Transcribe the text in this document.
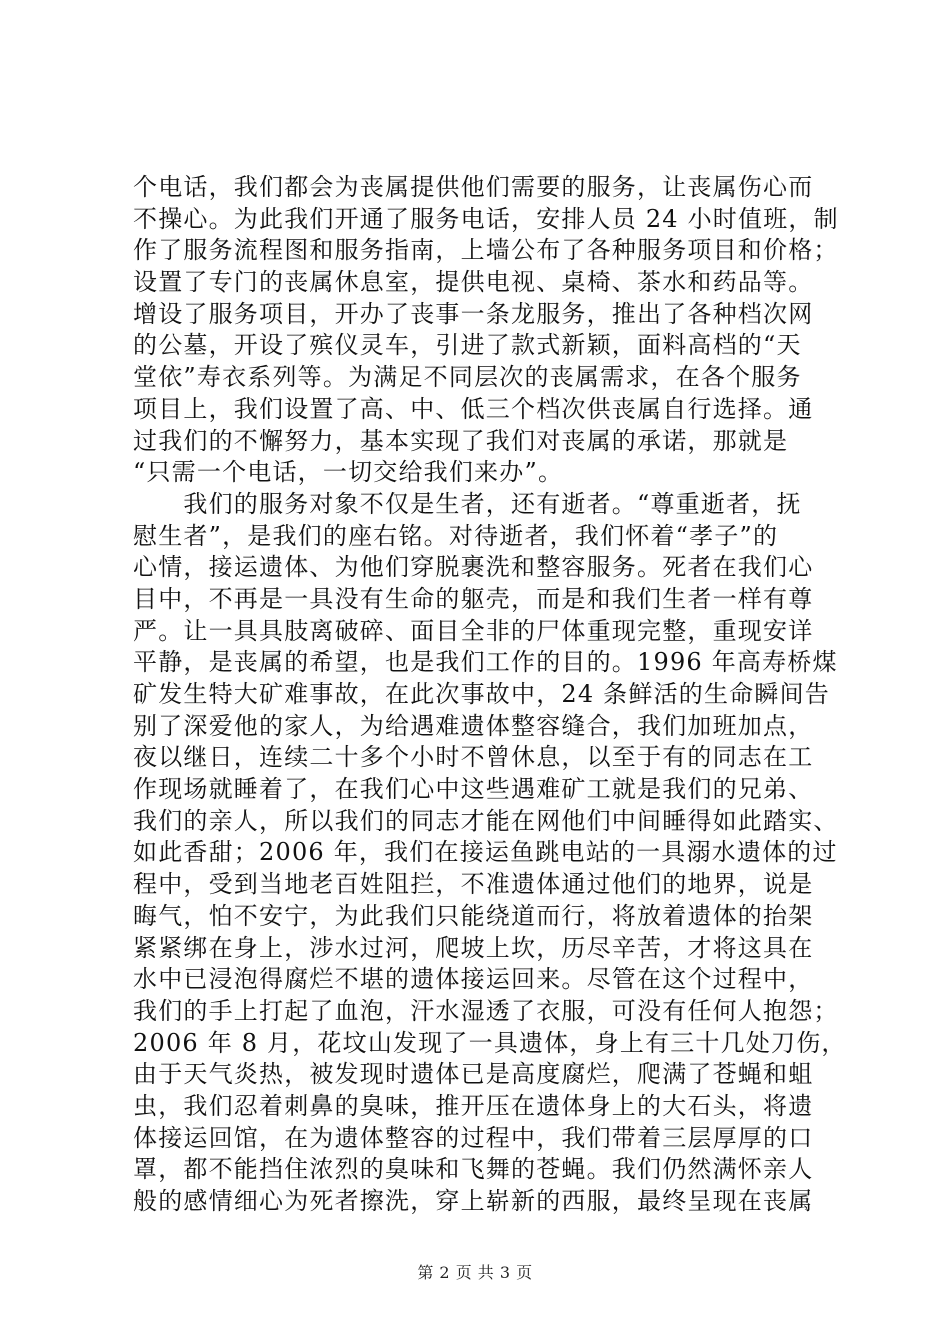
个电话，我们都会为丧属提供他们需要的服务，让丧属伤心而
不操心。为此我们开通了服务电话，安排人员 24 小时值班，制
作了服务流程图和服务指南，上墙公布了各种服务项目和价格；
设置了专门的丧属休息室，提供电视、桌椅、茶水和药品等。
增设了服务项目，开办了丧事一条龙服务，推出了各种档次网
的公墓，开设了殡仪灵车，引进了款式新颖，面料高档的“天
堂依”寿衣系列等。为满足不同层次的丧属需求，在各个服务
项目上，我们设置了高、中、低三个档次供丧属自行选择。通
过我们的不懈努力，基本实现了我们对丧属的承诺，那就是
“只需一个电话，一切交给我们来办”。
　　我们的服务对象不仅是生者，还有逝者。“尊重逝者，抚
慰生者”，是我们的座右铭。对待逝者，我们怀着“孝子”的
心情，接运遗体、为他们穿脱裹洗和整容服务。死者在我们心
目中，不再是一具没有生命的躯壳，而是和我们生者一样有尊
严。让一具具肢离破碎、面目全非的尸体重现完整，重现安详
平静，是丧属的希望，也是我们工作的目的。1996 年高寿桥煤
矿发生特大矿难事故，在此次事故中，24 条鲜活的生命瞬间告
别了深爱他的家人，为给遇难遗体整容缝合，我们加班加点，
夜以继日，连续二十多个小时不曾休息，以至于有的同志在工
作现场就睡着了，在我们心中这些遇难矿工就是我们的兄弟、
我们的亲人，所以我们的同志才能在网他们中间睡得如此踏实、
如此香甜；2006 年，我们在接运鱼跳电站的一具溺水遗体的过
程中，受到当地老百姓阻拦，不准遗体通过他们的地界，说是
晦气，怕不安宁，为此我们只能绕道而行，将放着遗体的抬架
紧紧绑在身上，涉水过河，爬坡上坎，历尽辛苦，才将这具在
水中已浸泡得腐烂不堪的遗体接运回来。尽管在这个过程中，
我们的手上打起了血泡，汗水湿透了衣服，可没有任何人抱怨；
2006 年 8 月，花坟山发现了一具遗体，身上有三十几处刀伤，
由于天气炎热，被发现时遗体已是高度腐烂，爬满了苍蝇和蛆
虫，我们忍着刺鼻的臭味，推开压在遗体身上的大石头，将遗
体接运回馆，在为遗体整容的过程中，我们带着三层厚厚的口
罩，都不能挡住浓烈的臭味和飞舞的苍蝇。我们仍然满怀亲人
般的感情细心为死者擦洗，穿上崭新的西服，最终呈现在丧属
第 2 页 共 3 页
